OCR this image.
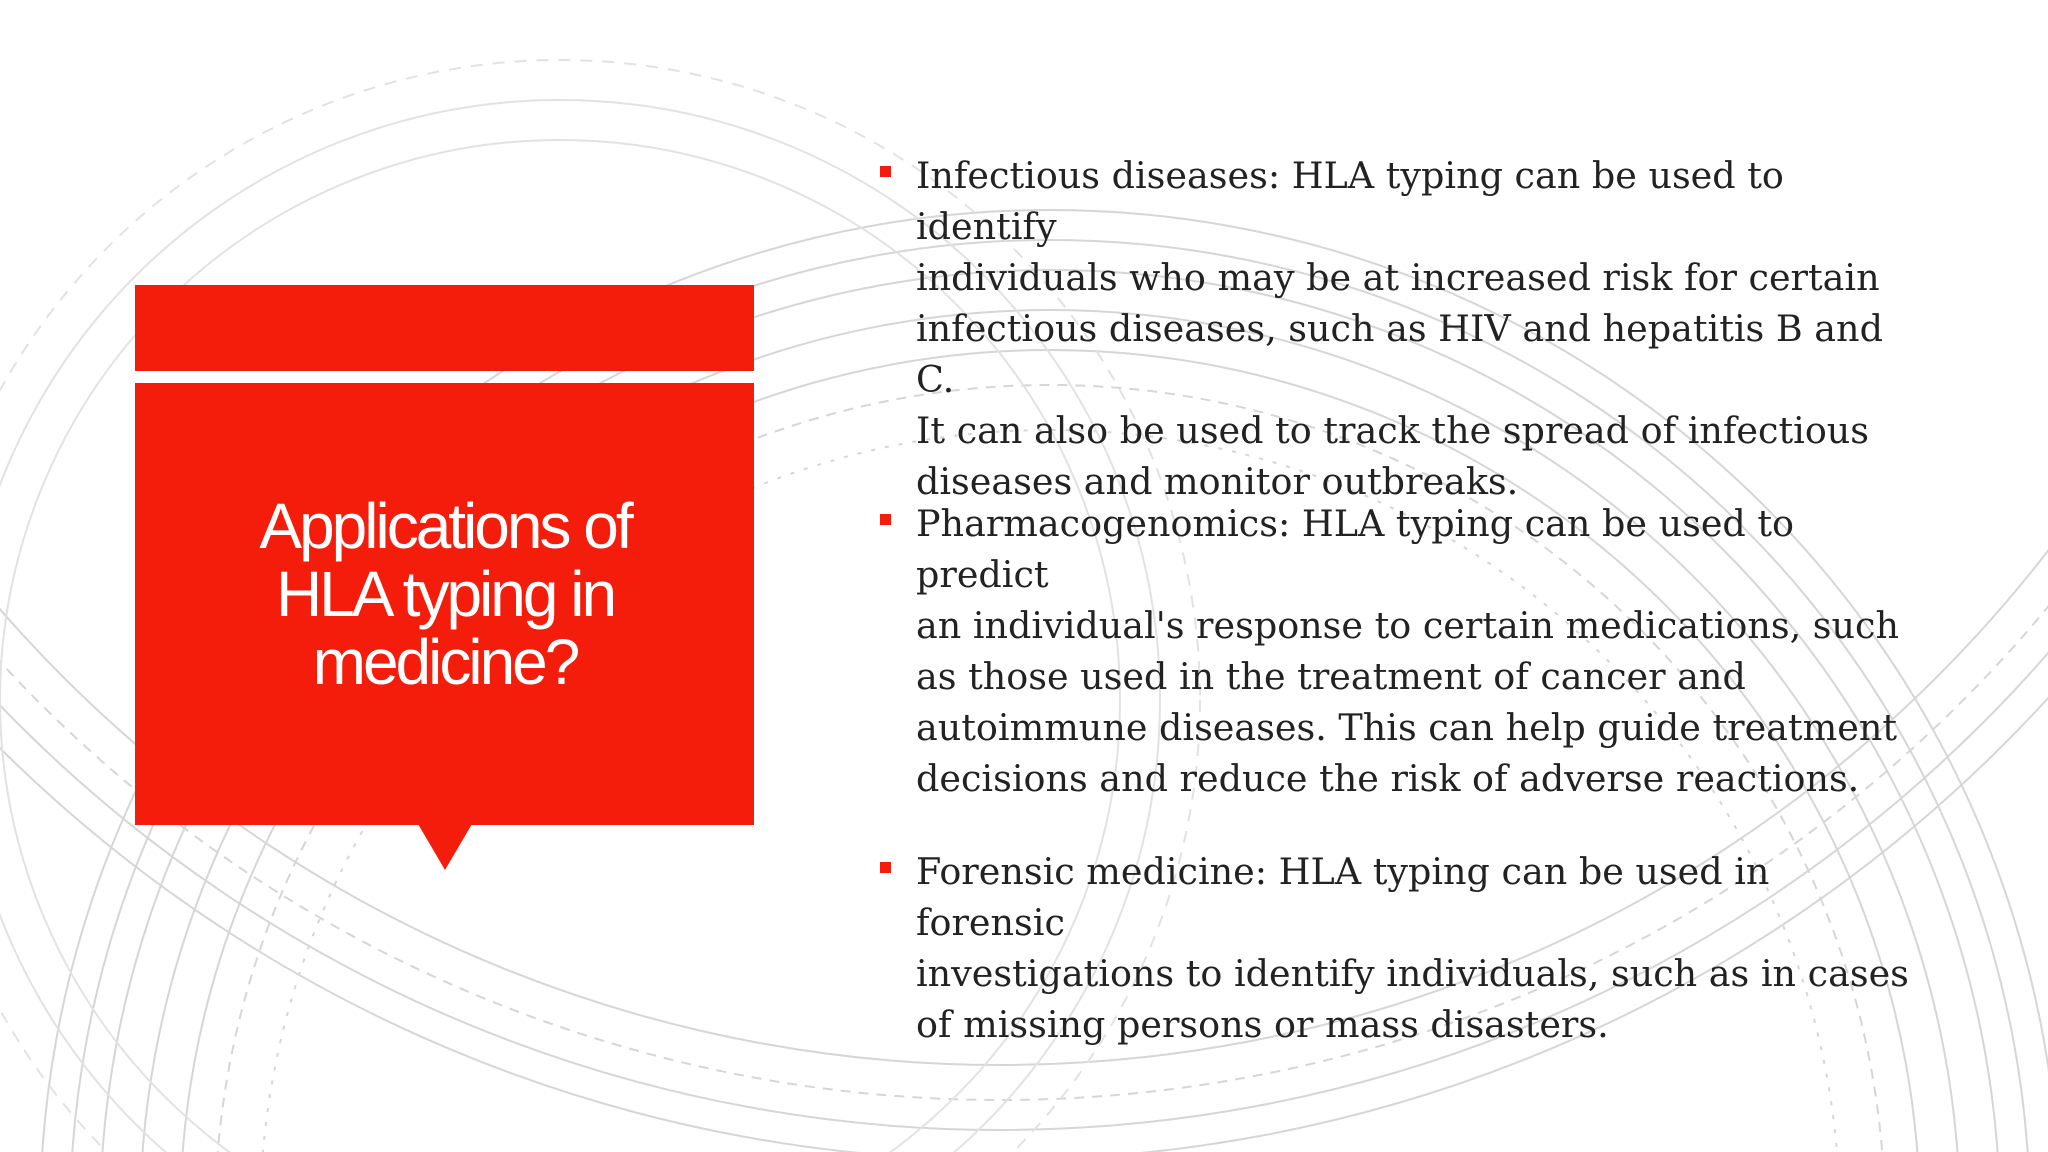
Applications of
HLA typing in
medicine?

Infectious diseases: HLA typing can be used to identify
individuals who may be at increased risk for certain
infectious diseases, such as HIV and hepatitis B and C.
It can also be used to track the spread of infectious
diseases and monitor outbreaks.

Pharmacogenomics: HLA typing can be used to predict
an individual's response to certain medications, such
as those used in the treatment of cancer and
autoimmune diseases. This can help guide treatment
decisions and reduce the risk of adverse reactions.

Forensic medicine: HLA typing can be used in forensic
investigations to identify individuals, such as in cases
of missing persons or mass disasters.
